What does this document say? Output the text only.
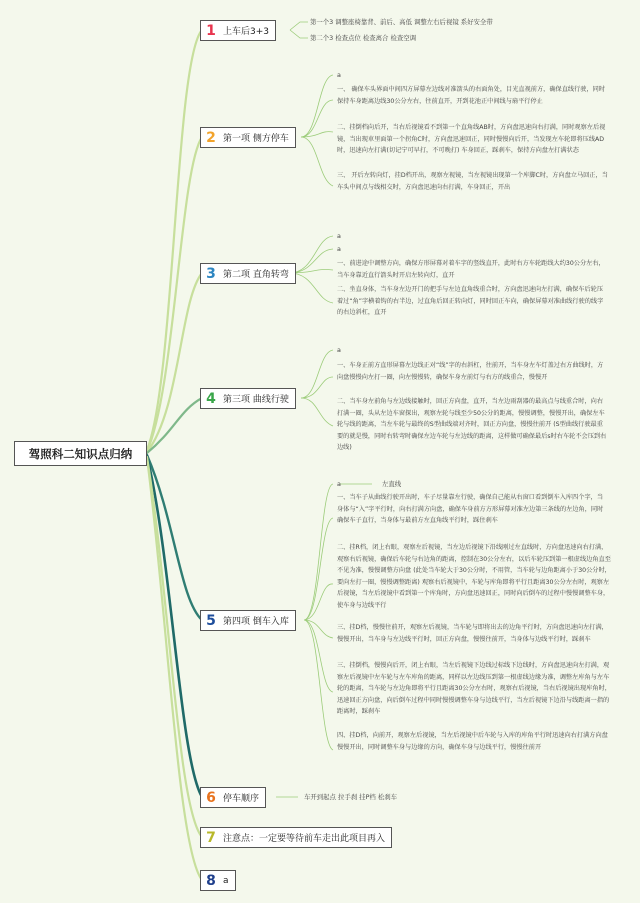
驾照科二知识点归纳
1 上车后3+3
2 第一项 侧方停车
3 第二项 直角转弯
4 第三项 曲线行驶
5 第四项 倒车入库
6 停车顺序
7 注意点：一定要等待前车走出此项目再入
8 a
第一个3 调整座椅靠背、前后、高低 调整左右后视镜 系好安全带
第二个3 检查点位 检查离合 检查空调
a

一、 确保车头界面中间四方屏幕左边线对准箭头的右面角处，目光直视前方，确保直线行驶，同时保持车身距离边线30公分左右，往前直开，开到花池正中间线与扇平行停止

二、挂倒档向后开，当右后视镜看不到第一个直角线AB时，方向盘迅速向右打满，同时观察左后视镜，当出现車里面第一个拐角C时，方向盘迅速回正，同时慢慢向后开，当发现左车轮即将压线AD时，迅速向左打满(切记宁可早打，不可晚打) 车身回正，踩刹车，保持方向盘左打满状态

三、 开后左转向灯，挂D档开出，观察左视镜，当左视镜出现第一个库脚C时，方向盘立马回正，当车头中间点与线相交时，方向盘迅速向右打满，车身回正，开出

a
a

一、前进途中调整方向，确保方形屏幕对着车字的竖线直开，此时右方车轮距线大约30公分左右，当车身靠近直行箭头时开启左转向灯，直开

二、坐直身体，当车身左边开门的把手与左边直角线重合时，方向盘迅速向左打满，确保车后轮压着过“角”字横着钩的右半边，过直角后回正转向灯，同时回正车向，确保屏幕对准曲线行驶的线字的右边斜杠，直开

a

一、车身正前方直形屏幕左边线正对“线”字的右斜杠，往前开，当车身左车灯盖过右方曲线时，方向盘慢慢向左打一圈，向左慢慢转，确保车身左前灯与右方的线重合，慢慢开

二、当车身左前角与左边线接触时，回正方向盘，直开，当左边雨刮器的最高点与线重合时，向右打满一圈，头从左边车窗探出，观察左轮与线至少50公分的距离，慢慢调整，慢慢开出，确保左车轮与线的距离，当左车轮与最终的S型曲线端对齐时，回正方向盘，慢慢往前开 (S型曲线行驶最重要的就是慢，同时右转弯时确保左边车轮与左边线的距离，这样做可确保最后s时右车轮不会压到右边线)

a	左直线

一、当车子从曲线行驶开出时，车子尽量靠左行驶，确保自己能从右窗口看到倒车入库四个字，当身体与“入”字平行时，向右打满方向盘，确保车身前方方形屏幕对准左边第三条线的左边角，同时确保车子直行，当身体与最前方左直角线平行时，踩住刹车

二、挂R档，闭上右眼，观察左后视镜，当左边后视镜下沿线刚过左直线时，方向盘迅速向右打满，观察右后视镜，确保后车轮与右边角的距离，控制在30公分左右，以后车轮压到第一根虚线边角直至不见为准，慢慢调整方向盘 (此处当车轮大于30公分时，不用管，当车轮与边角距离小于30公分时，要向左打一圈，慢慢调整距离) 观察右后视镜中，车轮与库角即将平行且距离30公分左右时，观察左后视镜，当左后视镜中看到第一个库角时，方向盘迅速回正，同时向后倒车的过程中慢慢调整车身，使车身与边线平行

三、挂D档，慢慢往前开，观察左后视镜，当车轮与即将出去的边角平行时，方向盘迅速向左打满，慢慢开出，当车身与左边线平行时，回正方向盘，慢慢往前开，当身体与边线平行时，踩刹车

三、挂倒档，慢慢向后开，闭上右眼，当左后视镜下边线过标线下边线时，方向盘迅速向左打满，观察左后视镜中左车轮与左车库角的距离，同样以左边线压到第一根虚线边缘为准，调整左库角与左车轮的距离，当车轮与左边角即将平行且距离30公分左右时，观察右后视镜，当右后视镜出现库角时，迅速回正方向盘，向后倒车过程中同时慢慢调整车身与边线平行，当左后视镜下边沿与线距离一指的距离时，踩刹车

四、挂D档，向前开，观察左后视镜，当左后视镜中后车轮与入库的库角平行时迅速向右打满方向盘慢慢开出，同时调整车身与边缘的方向，确保车身与边线平行，慢慢往前开

车开到起点 拉手刹 挂P档 松刹车
